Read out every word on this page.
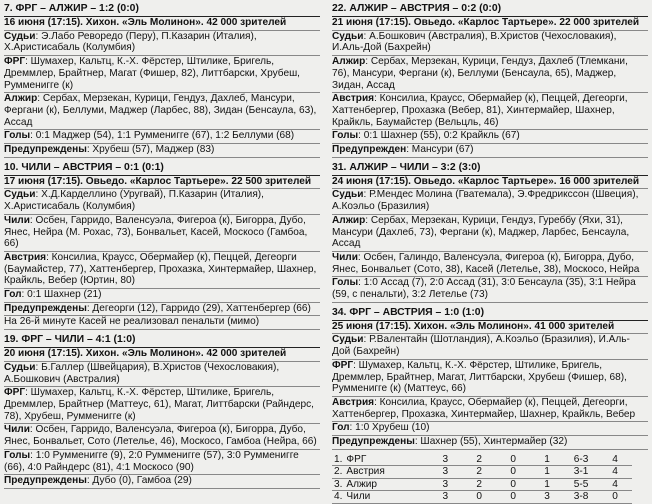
7. ФРГ – АЛЖИР – 1:2 (0:0)
16 июня (17:15). Хихон. «Эль Молинон». 42 000 зрителей
Судьи: Э.Лабо Реворедо (Перу), П.Казарин (Италия), Х.Аристисабаль (Колумбия)
ФРГ: Шумахер, Кальтц, К.-Х. Фёрстер, Штилике, Бригель, Дреммлер, Брайтнер, Магат (Фишер, 82), Литтбарски, Хрубеш, Румменигге (к)
Алжир: Сербах, Мерзекан, Курици, Гендуз, Дахлеб, Мансури, Фергани (к), Беллуми, Маджер (Ларбес, 88), Зидан (Бенсаула, 63), Ассад
Голы: 0:1 Маджер (54), 1:1 Румменигге (67), 1:2 Беллуми (68)
Предупреждены: Хрубеш (57), Маджер (83)
10. ЧИЛИ – АВСТРИЯ – 0:1 (0:1)
17 июня (17:15). Овьедо. «Карлос Тартьере». 22 500 зрителей
Судьи: Х.Д.Карделлино (Уругвай), П.Казарин (Италия), Х.Аристисабаль (Колумбия)
Чили: Осбен, Гарридо, Валенсуэла, Фигероа (к), Бигорра, Дубо, Янес, Нейра (М. Рохас, 73), Бонвальет, Касей, Москосо (Гамбоа, 66)
Австрия: Консилиа, Краусс, Обермайер (к), Пеццей, Дегеорги (Баумайстер, 77), Хаттенбергер, Прохазка, Хинтермайер, Шахнер, Крайкль, Вебер (Юртин, 80)
Гол: 0:1 Шахнер (21)
Предупреждены: Дегеорги (12), Гарридо (29), Хаттенбергер (66)
На 26-й минуте Касей не реализовал пенальти (мимо)
19. ФРГ – ЧИЛИ – 4:1 (1:0)
20 июня (17:15). Хихон. «Эль Молинон». 42 000 зрителей
Судьи: Б.Галлер (Швейцария), В.Христов (Чехословакия), А.Бошкович (Австралия)
ФРГ: Шумахер, Кальтц, К.-Х. Фёрстер, Штилике, Бригель, Дреммлер, Брайтнер (Маттеус, 61), Магат, Литтбарски (Райндерс, 78), Хрубеш, Румменигге (к)
Чили: Осбен, Гарридо, Валенсуэла, Фигероа (к), Бигорра, Дубо, Янес, Бонвальет, Сото (Летелье, 46), Москосо, Гамбоа (Нейра, 66)
Голы: 1:0 Румменигге (9), 2:0 Румменигге (57), 3:0 Румменигге (66), 4:0 Райндерс (81), 4:1 Москосо (90)
Предупреждены: Дубо (0), Гамбоа (29)
22. АЛЖИР – АВСТРИЯ – 0:2 (0:0)
21 июня (17:15). Овьедо. «Карлос Тартьере». 22 000 зрителей
Судьи: А.Бошкович (Австралия), В.Христов (Чехословакия), И.Аль-Дой (Бахрейн)
Алжир: Сербах, Мерзекан, Курици, Гендуз, Дахлеб (Тлемкани, 76), Мансури, Фергани (к), Беллуми (Бенсаула, 65), Маджер, Зидан, Ассад
Австрия: Консилиа, Краусс, Обермайер (к), Пеццей, Дегеорги, Хаттенбергер, Прохазка (Вебер, 81), Хинтермайер, Шахнер, Крайкль, Баумайстер (Вельцль, 46)
Голы: 0:1 Шахнер (55), 0:2 Крайкль (67)
Предупрежден: Мансури (67)
31. АЛЖИР – ЧИЛИ – 3:2 (3:0)
24 июня (17:15). Овьедо. «Карлос Тартьере». 16 000 зрителей
Судьи: Р.Мендес Молина (Гватемала), Э.Фредрикссон (Швеция), А.Коэльо (Бразилия)
Алжир: Сербах, Мерзекан, Курици, Гендуз, Гуреббу (Яхи, 31), Мансури (Дахлеб, 73), Фергани (к), Маджер, Ларбес, Бенсаула, Ассад
Чили: Осбен, Галиндо, Валенсуэла, Фигероа (к), Бигорра, Дубо, Янес, Бонвальет (Сото, 38), Касей (Летелье, 38), Москосо, Нейра
Голы: 1:0 Ассад (7), 2:0 Ассад (31), 3:0 Бенсаула (35), 3:1 Нейра (59, с пенальти), 3:2 Летелье (73)
34. ФРГ – АВСТРИЯ – 1:0 (1:0)
25 июня (17:15). Хихон. «Эль Молинон». 41 000 зрителей
Судьи: Р.Валентайн (Шотландия), А.Коэльо (Бразилия), И.Аль-Дой (Бахрейн)
ФРГ: Шумахер, Кальтц, К.-Х. Фёрстер, Штилике, Бригель, Дреммлер, Брайтнер, Магат, Литтбарски, Хрубеш (Фишер, 68), Румменигге (к) (Маттеус, 66)
Австрия: Консилиа, Краусс, Обермайер (к), Пеццей, Дегеорги, Хаттенбергер, Прохазка, Хинтермайер, Шахнер, Крайкль, Вебер
Гол: 1:0 Хрубеш (10)
Предупреждены: Шахнер (55), Хинтермайер (32)
1.	ФРГ	3	2	0	1	6-3	4
2.	Австрия	3	2	0	1	3-1	4
3.	Алжир	3	2	0	1	5-5	4
4.	Чили	3	0	0	3	3-8	0
